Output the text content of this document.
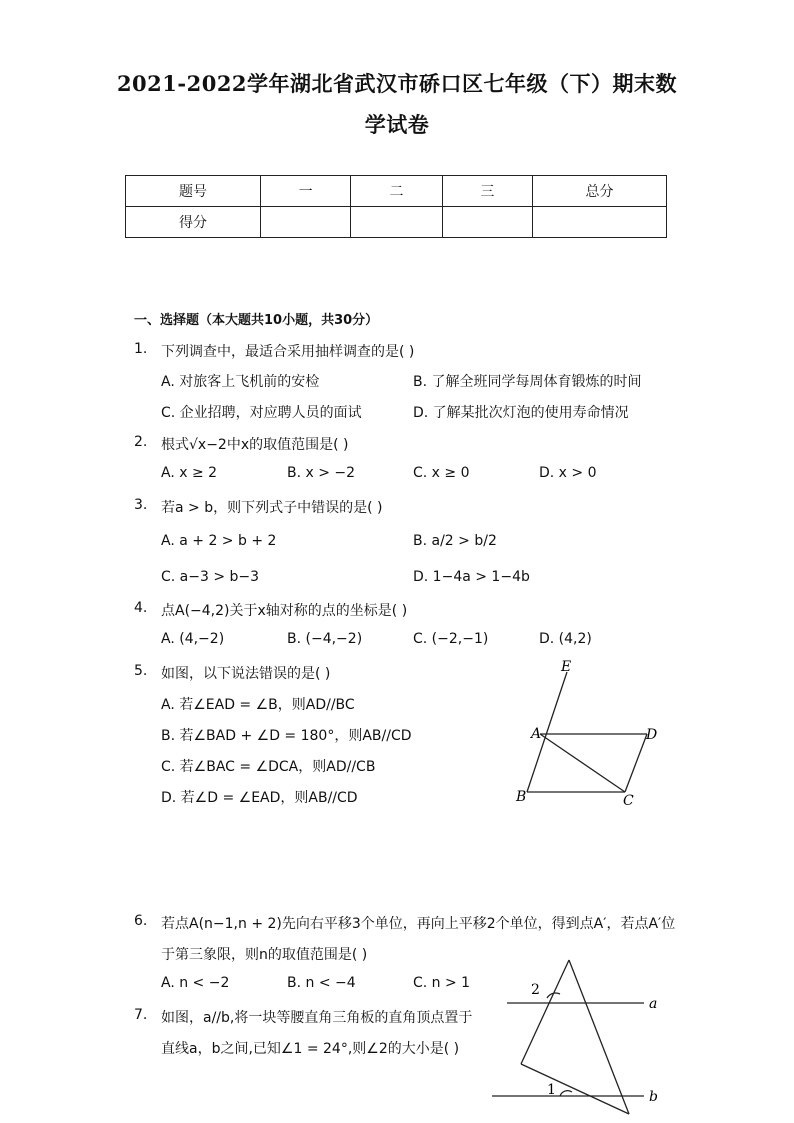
2021-2022学年湖北省武汉市硚口区七年级（下）期末数
学试卷
题号	一	二	三	总分
得分				
一、选择题（本大题共10小题，共30分）
1. 下列调查中，最适合采用抽样调查的是( )
A. 对旅客上飞机前的安检	B. 了解全班同学每周体育锻炼的时间
C. 企业招聘，对应聘人员的面试	D. 了解某批次灯泡的使用寿命情况
2. 根式√x−2中x的取值范围是( )
A. x ≥ 2	B. x > −2	C. x ≥ 0	D. x > 0
3. 若a > b，则下列式子中错误的是( )
A. a + 2 > b + 2	B. a/2 > b/2
C. a−3 > b−3	D. 1−4a > 1−4b
4. 点A(−4,2)关于x轴对称的点的坐标是( )
A. (4,−2)	B. (−4,−2)	C. (−2,−1)	D. (4,2)
5. 如图，以下说法错误的是( )
A. 若∠EAD = ∠B，则AD//BC
B. 若∠BAD + ∠D = 180°，则AB//CD
C. 若∠BAC = ∠DCA，则AD//CB
D. 若∠D = ∠EAD，则AB//CD
E
A	D
B	C
6. 若点A(n−1,n + 2)先向右平移3个单位，再向上平移2个单位，得到点A′，若点A′位
于第三象限，则n的取值范围是( )
A. n < −2	B. n < −4	C. n > 1
7. 如图，a//b,将一块等腰直角三角板的直角顶点置于
直线a，b之间,已知∠1 = 24°,则∠2的大小是( )
2
1
a
b
